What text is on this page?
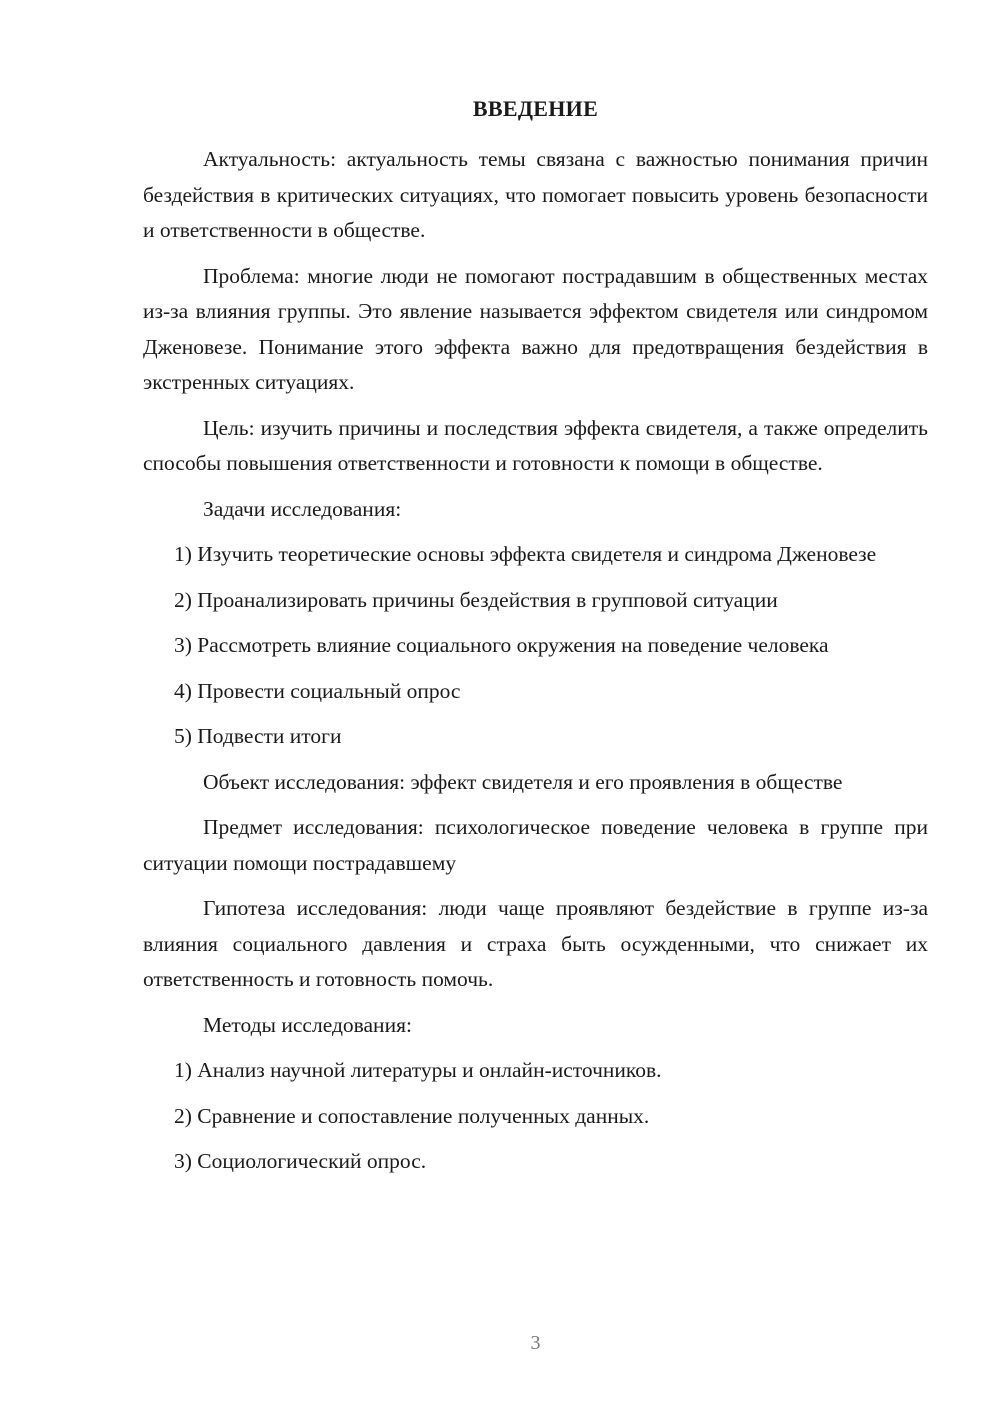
ВВЕДЕНИЕ

Актуальность: актуальность темы связана с важностью понимания причин бездействия в критических ситуациях, что помогает повысить уровень безопасности и ответственности в обществе.

Проблема: многие люди не помогают пострадавшим в общественных местах из-за влияния группы. Это явление называется эффектом свидетеля или синдромом Дженовезе. Понимание этого эффекта важно для предотвращения бездействия в экстренных ситуациях.

Цель: изучить причины и последствия эффекта свидетеля, а также определить способы повышения ответственности и готовности к помощи в обществе.

Задачи исследования:

1) Изучить теоретические основы эффекта свидетеля и синдрома Дженовезе

2) Проанализировать причины бездействия в групповой ситуации

3) Рассмотреть влияние социального окружения на поведение человека

4) Провести социальный опрос

5) Подвести итоги

Объект исследования: эффект свидетеля и его проявления в обществе

Предмет исследования: психологическое поведение человека в группе при ситуации помощи пострадавшему

Гипотеза исследования: люди чаще проявляют бездействие в группе из-за влияния социального давления и страха быть осужденными, что снижает их ответственность и готовность помочь.

Методы исследования:

1) Анализ научной литературы и онлайн-источников.

2) Сравнение и сопоставление полученных данных.

3) Социологический опрос.

3
